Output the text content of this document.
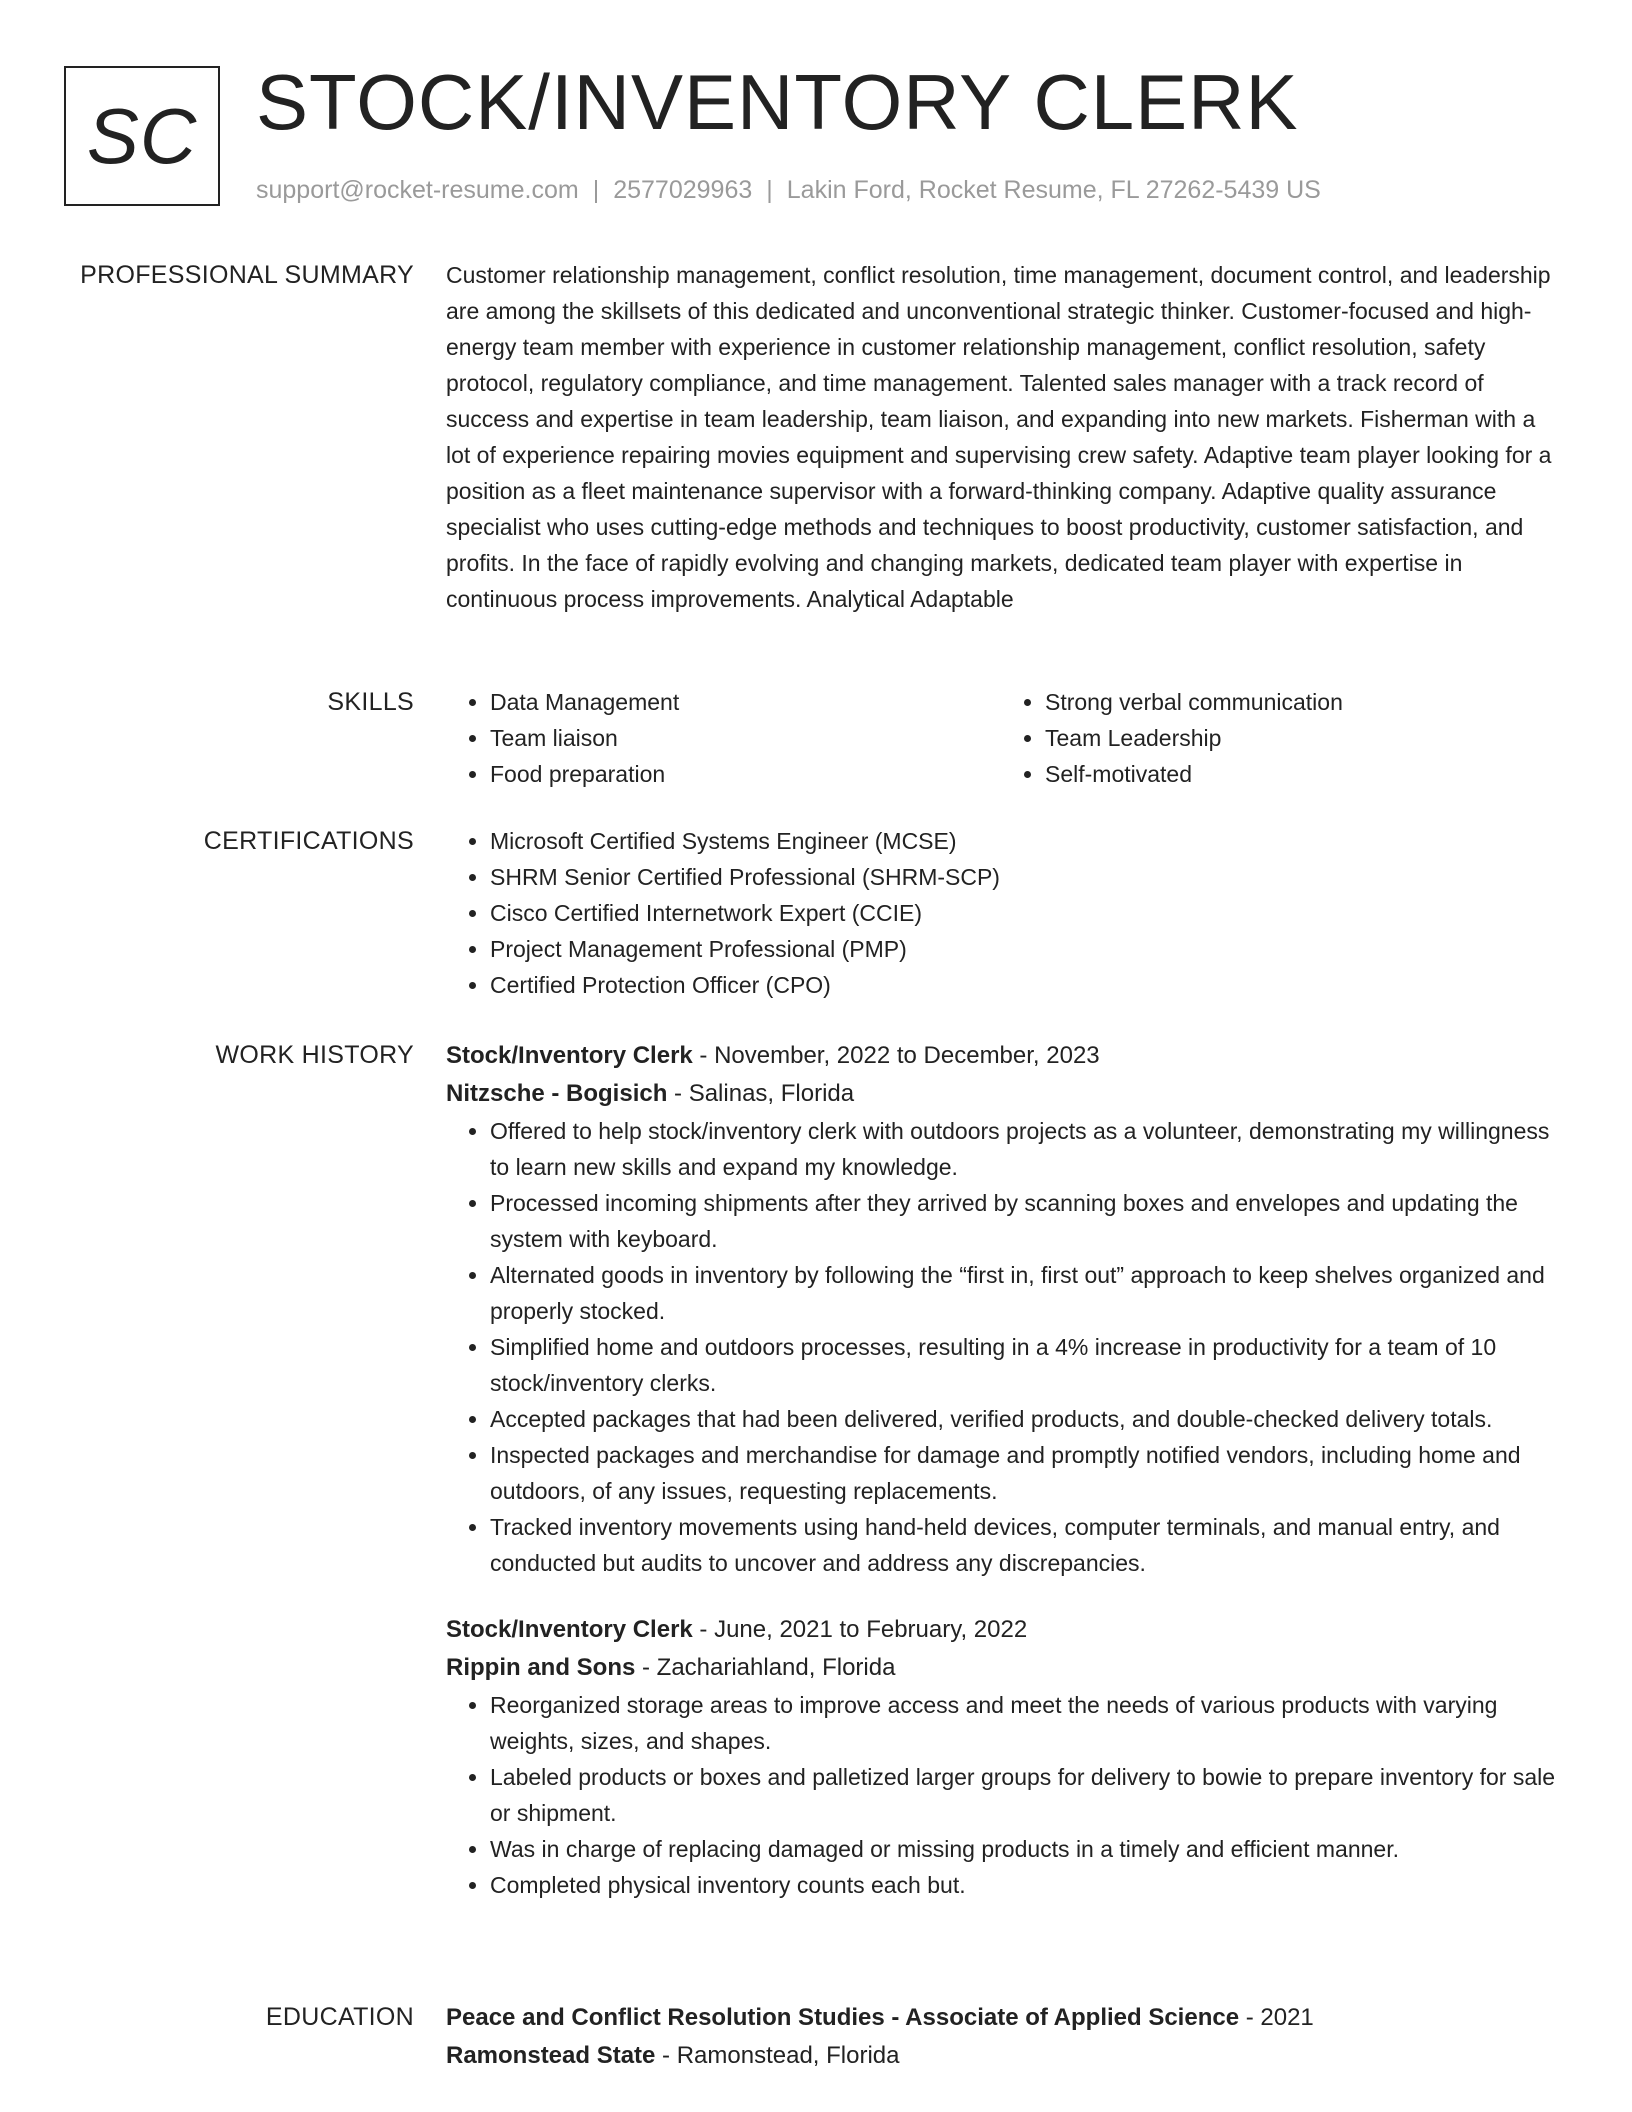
SC STOCK/INVENTORY CLERK
support@rocket-resume.com | 2577029963 | Lakin Ford, Rocket Resume, FL 27262-5439 US
PROFESSIONAL SUMMARY Customer relationship management, conflict resolution, time management, document control, and leadership are among the skillsets of this dedicated and unconventional strategic thinker. Customer-focused and high-energy team member with experience in customer relationship management, conflict resolution, safety protocol, regulatory compliance, and time management. Talented sales manager with a track record of success and expertise in team leadership, team liaison, and expanding into new markets. Fisherman with a lot of experience repairing movies equipment and supervising crew safety. Adaptive team player looking for a position as a fleet maintenance supervisor with a forward-thinking company. Adaptive quality assurance specialist who uses cutting-edge methods and techniques to boost productivity, customer satisfaction, and profits. In the face of rapidly evolving and changing markets, dedicated team player with expertise in continuous process improvements. Analytical Adaptable

SKILLS	• Data Management
• Team liaison
• Food preparation
• Strong verbal communication
• Team Leadership
• Self-motivated
CERTIFICATIONS	• Microsoft Certified Systems Engineer (MCSE)
• SHRM Senior Certified Professional (SHRM-SCP)
• Cisco Certified Internetwork Expert (CCIE)
• Project Management Professional (PMP)
• Certified Protection Officer (CPO)
WORK HISTORY Stock/Inventory Clerk - November, 2022 to December, 2023
Nitzsche - Bogisich - Salinas, Florida
• Offered to help stock/inventory clerk with outdoors projects as a volunteer, demonstrating my willingness to learn new skills and expand my knowledge.
• Processed incoming shipments after they arrived by scanning boxes and envelopes and updating the system with keyboard.
• Alternated goods in inventory by following the “first in, first out” approach to keep shelves organized and properly stocked.
• Simplified home and outdoors processes, resulting in a 4% increase in productivity for a team of 10 stock/inventory clerks.
• Accepted packages that had been delivered, verified products, and double-checked delivery totals.
• Inspected packages and merchandise for damage and promptly notified vendors, including home and outdoors, of any issues, requesting replacements.
• Tracked inventory movements using hand-held devices, computer terminals, and manual entry, and conducted but audits to uncover and address any discrepancies.
Stock/Inventory Clerk - June, 2021 to February, 2022
Rippin and Sons - Zachariahland, Florida
• Reorganized storage areas to improve access and meet the needs of various products with varying weights, sizes, and shapes.
• Labeled products or boxes and palletized larger groups for delivery to bowie to prepare inventory for sale or shipment.
• Was in charge of replacing damaged or missing products in a timely and efficient manner.
• Completed physical inventory counts each but.
EDUCATION Peace and Conflict Resolution Studies - Associate of Applied Science - 2021
Ramonstead State - Ramonstead, Florida
